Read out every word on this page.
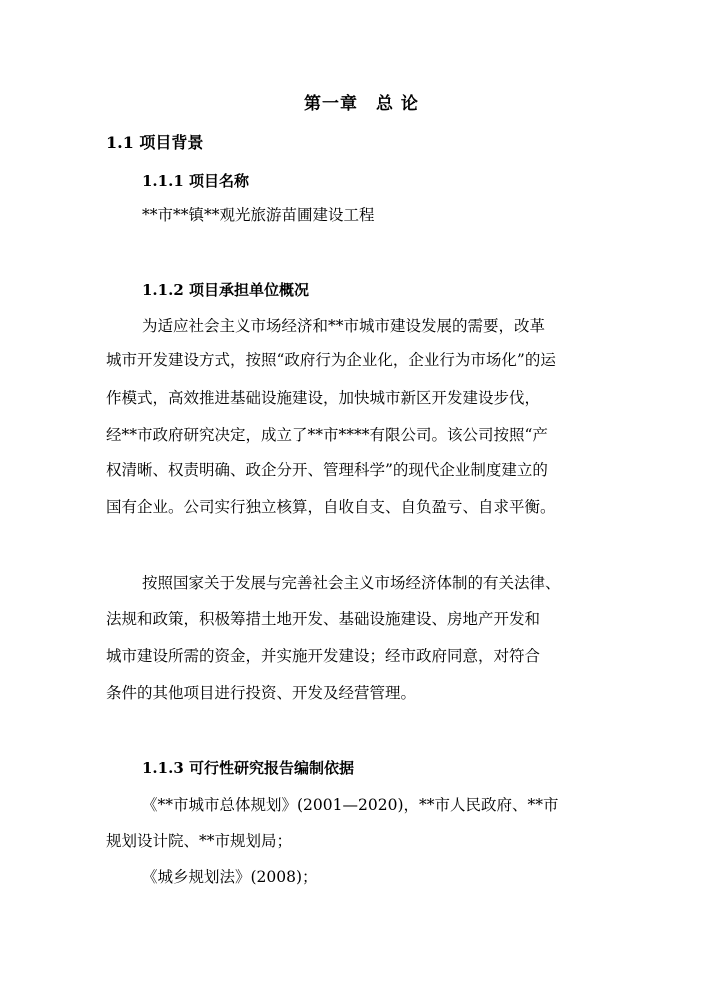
第一章　总 论
1.1 项目背景
1.1.1 项目名称
**市**镇**观光旅游苗圃建设工程
1.1.2 项目承担单位概况
为适应社会主义市场经济和**市城市建设发展的需要，改革
城市开发建设方式，按照“政府行为企业化，企业行为市场化”的运
作模式，高效推进基础设施建设，加快城市新区开发建设步伐，
经**市政府研究决定，成立了**市****有限公司。该公司按照“产
权清晰、权责明确、政企分开、管理科学”的现代企业制度建立的
国有企业。公司实行独立核算，自收自支、自负盈亏、自求平衡。
按照国家关于发展与完善社会主义市场经济体制的有关法律、
法规和政策，积极筹措土地开发、基础设施建设、房地产开发和
城市建设所需的资金，并实施开发建设；经市政府同意，对符合
条件的其他项目进行投资、开发及经营管理。
1.1.3 可行性研究报告编制依据
《**市城市总体规划》(2001—2020)，**市人民政府、**市
规划设计院、**市规划局；
《城乡规划法》(2008)；
